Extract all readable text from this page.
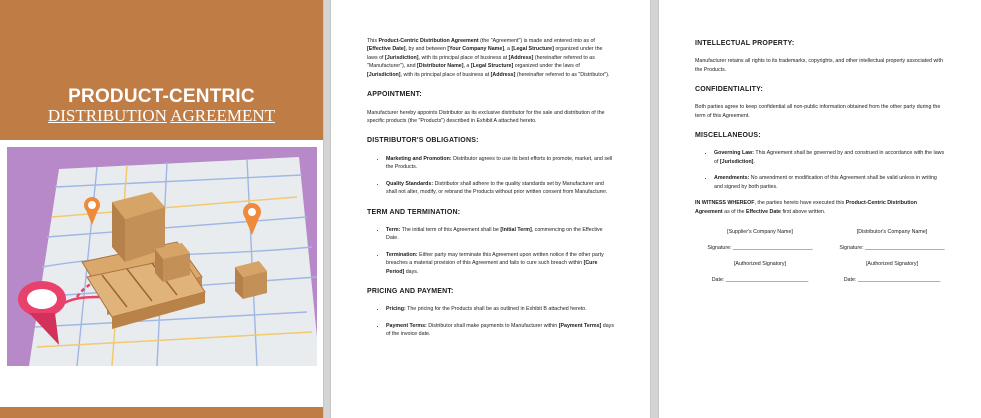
PRODUCT-CENTRIC
DISTRIBUTION AGREEMENT

This Product-Centric Distribution Agreement (the "Agreement") is made and entered into as of [Effective Date], by and between [Your Company Name], a [Legal Structure] organized under the laws of [Jurisdiction], with its principal place of business at [Address] (hereinafter referred to as "Manufacturer"), and [Distributor Name], a [Legal Structure] organized under the laws of [Jurisdiction], with its principal place of business at [Address] (hereinafter referred to as "Distributor").

APPOINTMENT:

Manufacturer hereby appoints Distributor as its exclusive distributor for the sale and distribution of the specific products (the "Products") described in Exhibit A attached hereto.

DISTRIBUTOR'S OBLIGATIONS:
• Marketing and Promotion: Distributor agrees to use its best efforts to promote, market, and sell the Products.
• Quality Standards: Distributor shall adhere to the quality standards set by Manufacturer and shall not alter, modify, or rebrand the Products without prior written consent from Manufacturer.
TERM AND TERMINATION:
• Term: The initial term of this Agreement shall be [Initial Term], commencing on the Effective Date.
• Termination: Either party may terminate this Agreement upon written notice if the other party breaches a material provision of this Agreement and fails to cure such breach within [Cure Period] days.
PRICING AND PAYMENT:
• Pricing: The pricing for the Products shall be as outlined in Exhibit B attached hereto.
• Payment Terms: Distributor shall make payments to Manufacturer within [Payment Terms] days of the invoice date.
INTELLECTUAL PROPERTY:

Manufacturer retains all rights to its trademarks, copyrights, and other intellectual property associated with the Products.

CONFIDENTIALITY:

Both parties agree to keep confidential all non-public information obtained from the other party during the term of this Agreement.

MISCELLANEOUS:
• Governing Law: This Agreement shall be governed by and construed in accordance with the laws of [Jurisdiction].
• Amendments: No amendment or modification of this Agreement shall be valid unless in writing and signed by both parties.

IN WITNESS WHEREOF, the parties hereto have executed this Product-Centric Distribution Agreement as of the Effective Date first above written.

[Supplier's Company Name]
Signature: ___________________________
[Authorized Signatory]
Date: ____________________________
[Distributor's Company Name]
Signature: ___________________________
[Authorized Signatory]
Date: ____________________________
